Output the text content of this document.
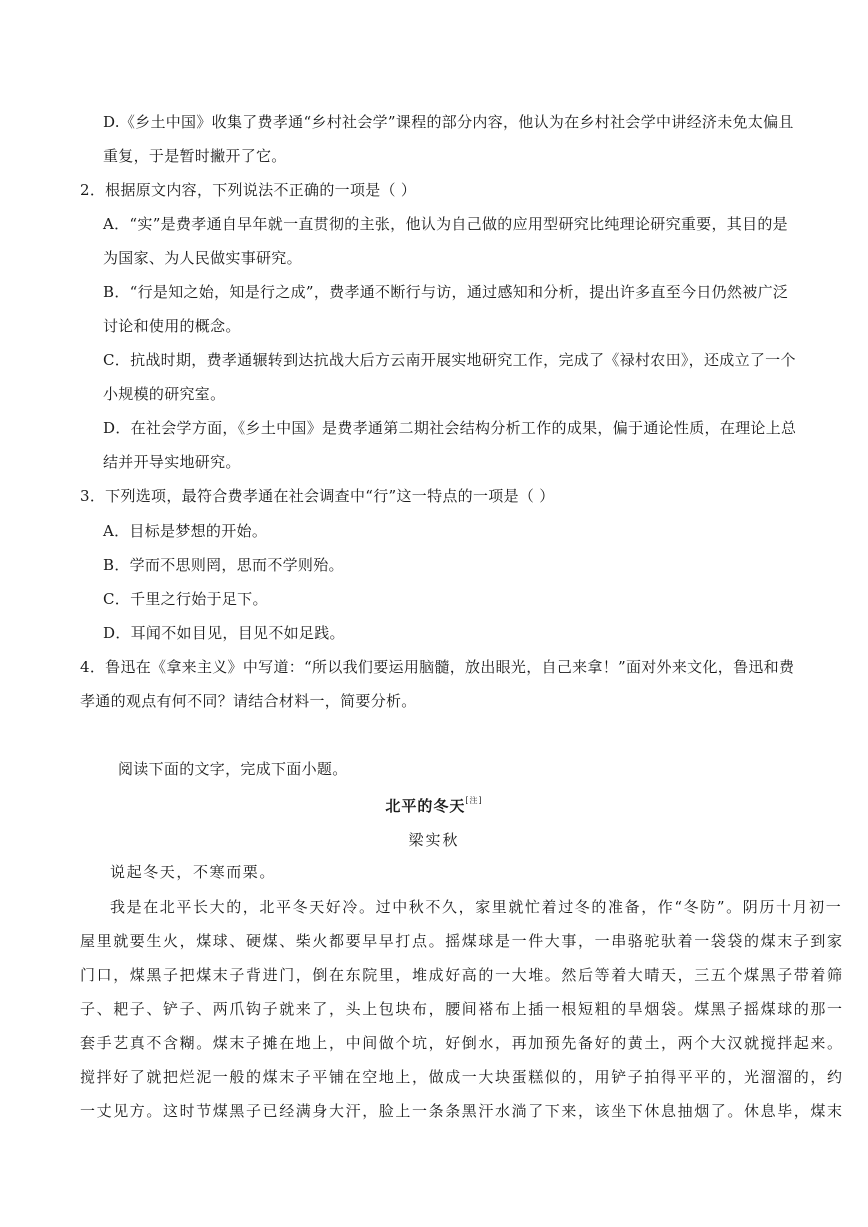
D.《乡土中国》收集了费孝通“乡村社会学”课程的部分内容，他认为在乡村社会学中讲经济未免太偏且
重复，于是暂时撇开了它。
2．根据原文内容，下列说法不正确的一项是（ ）
A．“实”是费孝通自早年就一直贯彻的主张，他认为自己做的应用型研究比纯理论研究重要，其目的是
为国家、为人民做实事研究。
B．“行是知之始，知是行之成”，费孝通不断行与访，通过感知和分析，提出许多直至今日仍然被广泛
讨论和使用的概念。
C．抗战时期，费孝通辗转到达抗战大后方云南开展实地研究工作，完成了《禄村农田》，还成立了一个
小规模的研究室。
D．在社会学方面，《乡土中国》是费孝通第二期社会结构分析工作的成果，偏于通论性质，在理论上总
结并开导实地研究。
3．下列选项，最符合费孝通在社会调查中“行”这一特点的一项是（ ）
A．目标是梦想的开始。
B．学而不思则罔，思而不学则殆。
C．千里之行始于足下。
D．耳闻不如目见，目见不如足践。
4．鲁迅在《拿来主义》中写道：“所以我们要运用脑髓，放出眼光，自己来拿！”面对外来文化，鲁迅和费
孝通的观点有何不同？请结合材料一，简要分析。
阅读下面的文字，完成下面小题。
北平的冬天[注]
梁实秋
说起冬天，不寒而栗。
我是在北平长大的，北平冬天好冷。过中秋不久，家里就忙着过冬的准备，作“冬防”。阴历十月初一
屋里就要生火，煤球、硬煤、柴火都要早早打点。摇煤球是一件大事，一串骆驼驮着一袋袋的煤末子到家
门口，煤黑子把煤末子背进门，倒在东院里，堆成好高的一大堆。然后等着大晴天，三五个煤黑子带着筛
子、耙子、铲子、两爪钩子就来了，头上包块布，腰间褡布上插一根短粗的旱烟袋。煤黑子摇煤球的那一
套手艺真不含糊。煤末子摊在地上，中间做个坑，好倒水，再加预先备好的黄土，两个大汉就搅拌起来。
搅拌好了就把烂泥一般的煤末子平铺在空地上，做成一大块蛋糕似的，用铲子拍得平平的，光溜溜的，约
一丈见方。这时节煤黑子已经满身大汗，脸上一条条黑汗水淌了下来，该坐下休息抽烟了。休息毕，煤末
